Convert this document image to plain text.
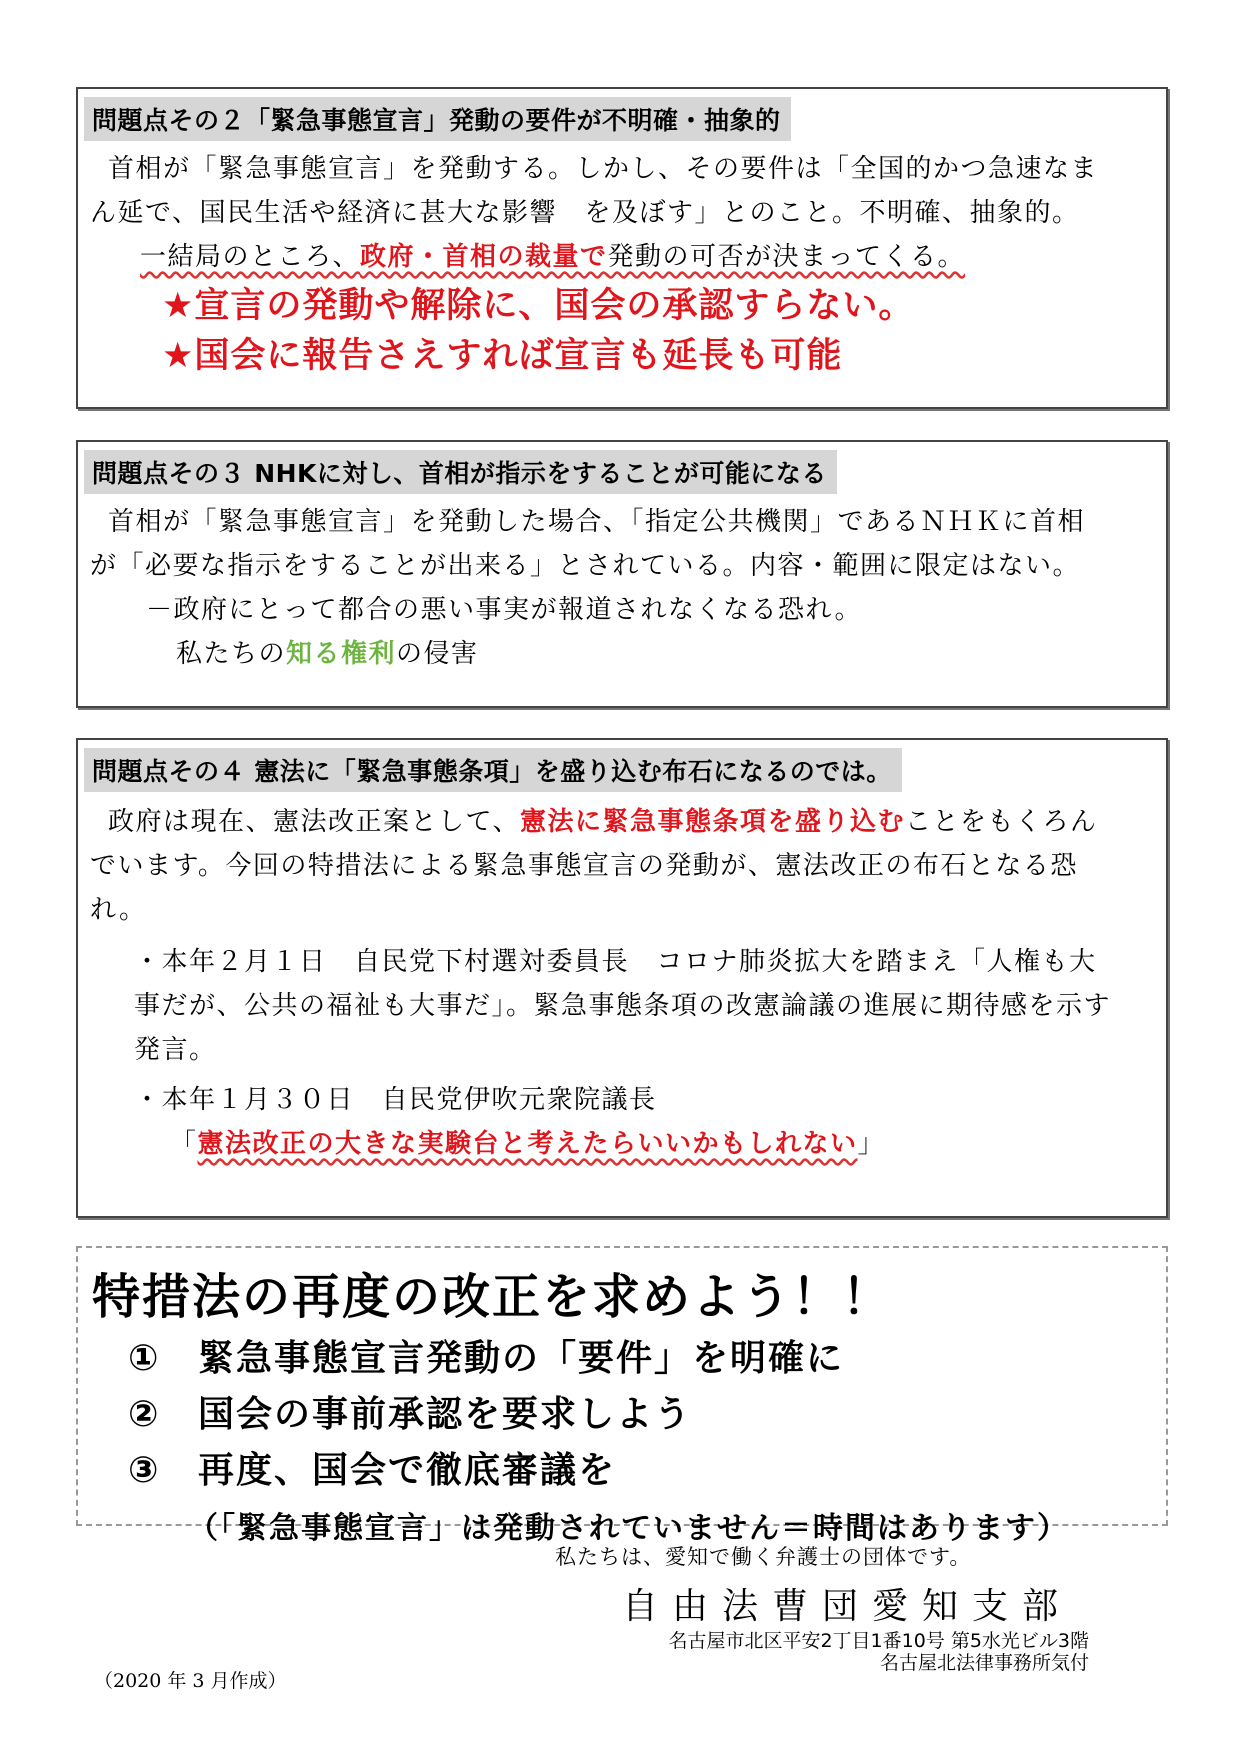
問題点その２「緊急事態宣言」発動の要件が不明確・抽象的

首相が「緊急事態宣言」を発動する。しかし、その要件は「全国的かつ急速なま

ん延で、国民生活や経済に甚大な影響　を及ぼす」とのこと。不明確、抽象的。

一結局のところ、政府・首相の裁量で発動の可否が決まってくる。

★宣言の発動や解除に、国会の承認すらない。

★国会に報告さえすれば宣言も延長も可能

問題点その３ NHKに対し、首相が指示をすることが可能になる

首相が「緊急事態宣言」を発動した場合、「指定公共機関」であるＮＨＫに首相

が「必要な指示をすることが出来る」とされている。内容・範囲に限定はない。

－政府にとって都合の悪い事実が報道されなくなる恐れ。

私たちの知る権利の侵害

問題点その４ 憲法に「緊急事態条項」を盛り込む布石になるのでは。

政府は現在、憲法改正案として、憲法に緊急事態条項を盛り込むことをもくろん

でいます。今回の特措法による緊急事態宣言の発動が、憲法改正の布石となる恐

れ。

・本年２月１日　自民党下村選対委員長　コロナ肺炎拡大を踏まえ「人権も大

事だが、公共の福祉も大事だ」。緊急事態条項の改憲論議の進展に期待感を示す

発言。

・本年１月３０日　自民党伊吹元衆院議長

「憲法改正の大きな実験台と考えたらいいかもしれない」

特措法の再度の改正を求めよう！！

① 緊急事態宣言発動の「要件」を明確に

② 国会の事前承認を要求しよう

③ 再度、国会で徹底審議を

（「緊急事態宣言」は発動されていません＝時間はあります）
私たちは、愛知で働く弁護士の団体です。
自由法曹団愛知支部
名古屋市北区平安2丁目1番10号 第5水光ビル3階
名古屋北法律事務所気付
（2020 年 3 月作成）
